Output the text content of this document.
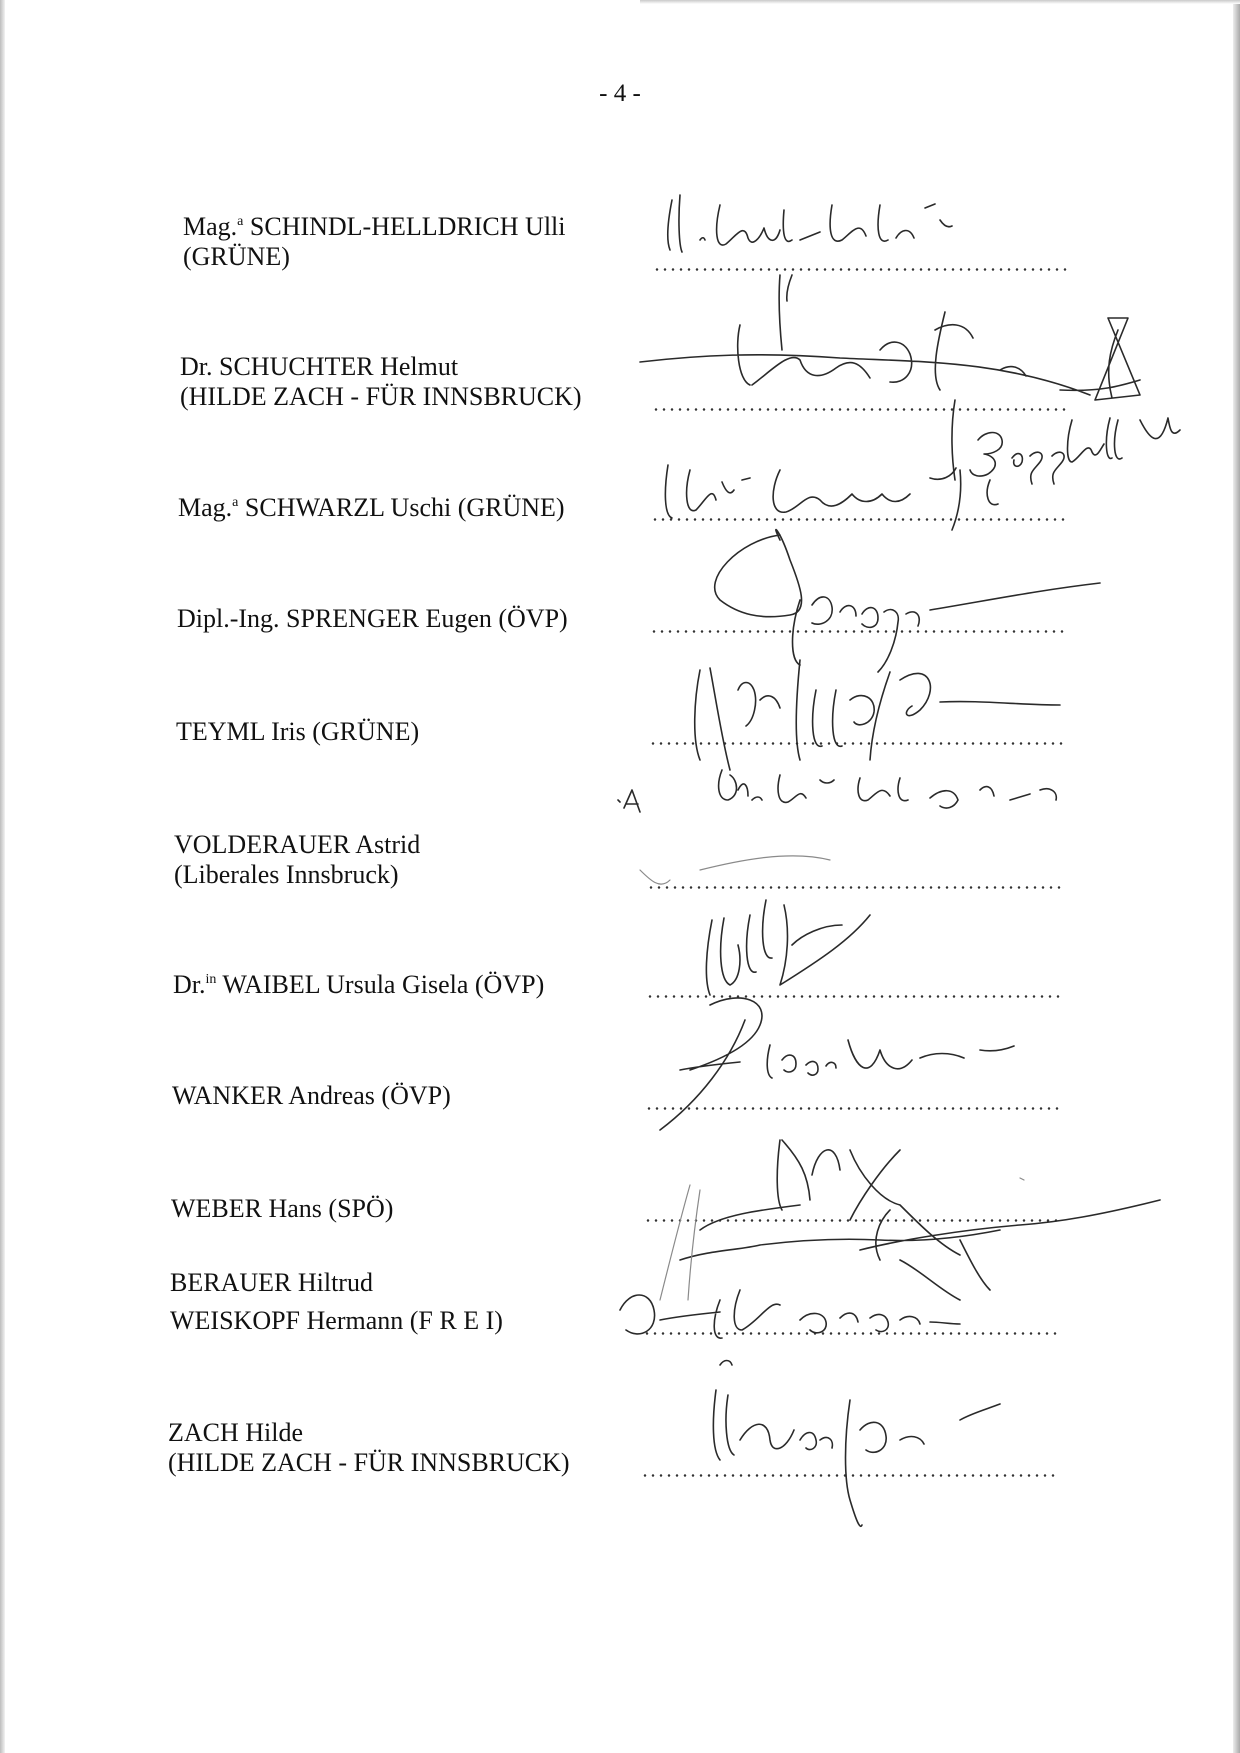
- 4 -
Mag.$^a$ SCHINDL-HELLDRICH Ulli
(GRÜNE)
Dr. SCHUCHTER Helmut
(HILDE ZACH - FÜR INNSBRUCK)
Mag.$^a$ SCHWARZL Uschi (GRÜNE)
Dipl.-Ing. SPRENGER Eugen (ÖVP)
TEYML Iris (GRÜNE)
VOLDERAUER Astrid
(Liberales Innsbruck)
Dr.$^{in}$ WAIBEL Ursula Gisela (ÖVP)
WANKER Andreas (ÖVP)
WEBER Hans (SPÖ)
BERAUER Hiltrud
WEISKOPF Hermann (F R E I)
ZACH Hilde
(HILDE ZACH - FÜR INNSBRUCK)
